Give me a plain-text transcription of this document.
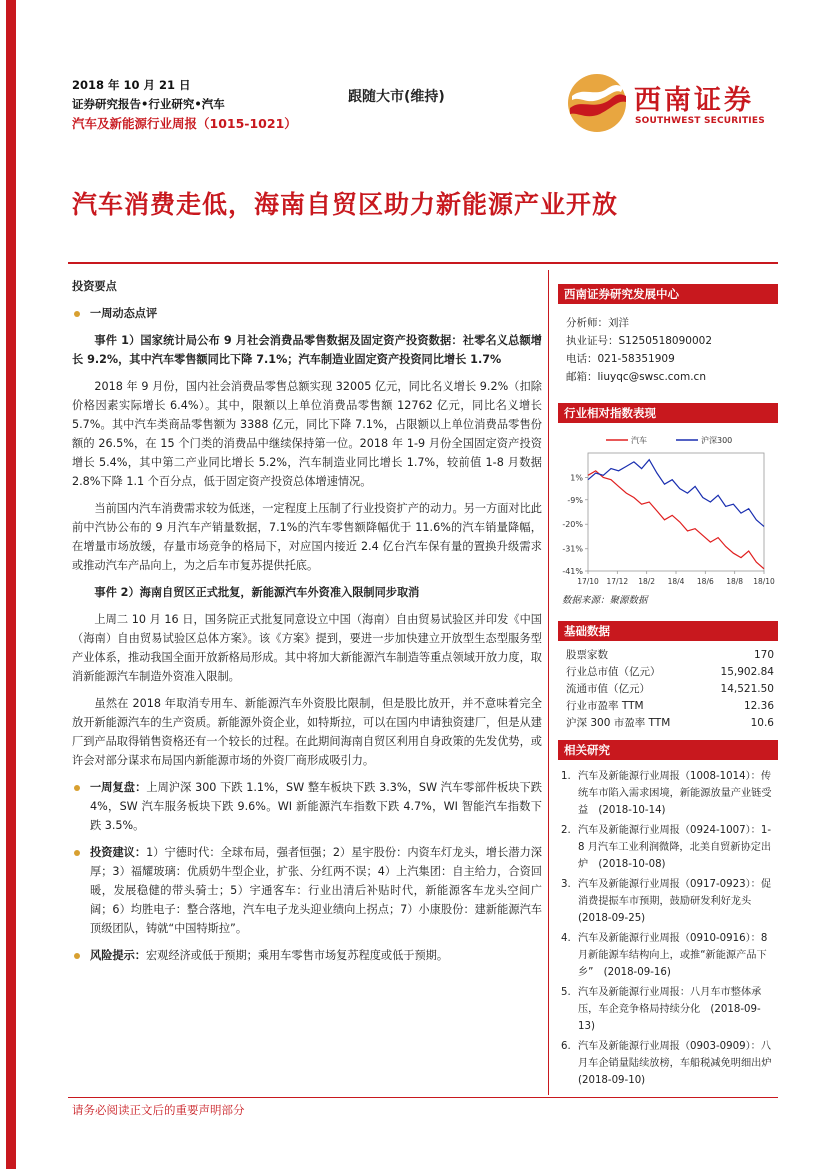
2018 年 10 月 21 日
证券研究报告•行业研究•汽车
汽车及新能源行业周报（1015-1021）
跟随大市(维持)	西南证券
SOUTHWEST SECURITIES
汽车消费走低，海南自贸区助力新能源产业开放
投资要点
一周动态点评

事件 1）国家统计局公布 9 月社会消费品零售数据及固定资产投资数据：社零名义总额增长 9.2%，其中汽车零售额同比下降 7.1%；汽车制造业固定资产投资同比增长 1.7%

2018 年 9 月份，国内社会消费品零售总额实现 32005 亿元，同比名义增长 9.2%（扣除价格因素实际增长 6.4%）。其中，限额以上单位消费品零售额 12762 亿元，同比名义增长 5.7%。其中汽车类商品零售额为 3388 亿元，同比下降 7.1%，占限额以上单位消费品零售份额的 26.5%，在 15 个门类的消费品中继续保持第一位。2018 年 1-9 月份全国固定资产投资增长 5.4%，其中第二产业同比增长 5.2%，汽车制造业同比增长 1.7%，较前值 1-8 月数据 2.8%下降 1.1 个百分点，低于固定资产投资总体增速情况。

当前国内汽车消费需求较为低迷，一定程度上压制了行业投资扩产的动力。另一方面对比此前中汽协公布的 9 月汽车产销量数据，7.1%的汽车零售额降幅优于 11.6%的汽车销量降幅，在增量市场放缓，存量市场竞争的格局下，对应国内接近 2.4 亿台汽车保有量的置换升级需求或推动汽车产品向上，为之后车市复苏提供托底。

事件 2）海南自贸区正式批复，新能源汽车外资准入限制同步取消

上周二 10 月 16 日，国务院正式批复同意设立中国（海南）自由贸易试验区并印发《中国（海南）自由贸易试验区总体方案》。该《方案》提到，要进一步加快建立开放型生态型服务型产业体系，推动我国全面开放新格局形成。其中将加大新能源汽车制造等重点领域开放力度，取消新能源汽车制造外资准入限制。

虽然在 2018 年取消专用车、新能源汽车外资股比限制，但是股比放开，并不意味着完全放开新能源汽车的生产资质。新能源外资企业，如特斯拉，可以在国内申请独资建厂，但是从建厂到产品取得销售资格还有一个较长的过程。在此期间海南自贸区利用自身政策的先发优势，或许会对部分谋求布局国内新能源市场的外资厂商形成吸引力。

一周复盘：上周沪深 300 下跌 1.1%，SW 整车板块下跌 3.3%，SW 汽车零部件板块下跌 4%，SW 汽车服务板块下跌 9.6%。WI 新能源汽车指数下跌 4.7%，WI 智能汽车指数下跌 3.5%。

投资建议：1）宁德时代：全球布局，强者恒强；2）星宇股份：内资车灯龙头，增长潜力深厚；3）福耀玻璃：优质奶牛型企业，扩张、分红两不误；4）上汽集团：自主给力，合资回暖，发展稳健的带头骑士；5）宇通客车：行业出清后补贴时代，新能源客车龙头空间广阔；6）均胜电子：整合落地，汽车电子龙头迎业绩向上拐点；7）小康股份：建新能源汽车顶级团队，铸就“中国特斯拉”。

风险提示：宏观经济或低于预期；乘用车零售市场复苏程度或低于预期。

西南证券研究发展中心
分析师：刘洋
执业证号：S1250518090002
电话：021-58351909
邮箱：liuyqc@swsc.com.cn
行业相对指数表现
1%
-9%
-20%
-31%
-41%
17/10 17/12 18/2 18/4 18/6 18/8 18/10
汽车	沪深300
数据来源：聚源数据
基础数据
股票家数	170
行业总市值（亿元）	15,902.84
流通市值（亿元）	14,521.50
行业市盈率 TTM	12.36
沪深 300 市盈率 TTM	10.6
相关研究
1. 汽车及新能源行业周报（1008-1014）：传统车市陷入需求困境，新能源放量产业链受益　(2018-10-14)
2. 汽车及新能源行业周报（0924-1007）：1-8 月汽车工业利润微降，北美自贸新协定出炉　(2018-10-08)
3. 汽车及新能源行业周报（0917-0923）：促消费提振车市预期，鼓励研发利好龙头　(2018-09-25)
4. 汽车及新能源行业周报（0910-0916）：8 月新能源车结构向上，或推“新能源产品下乡”　(2018-09-16)
5. 汽车及新能源行业周报：八月车市整体承压，车企竞争格局持续分化　(2018-09-13)
6. 汽车及新能源行业周报（0903-0909）：八月车企销量陆续放榜，车船税减免明细出炉　(2018-09-10)
请务必阅读正文后的重要声明部分
